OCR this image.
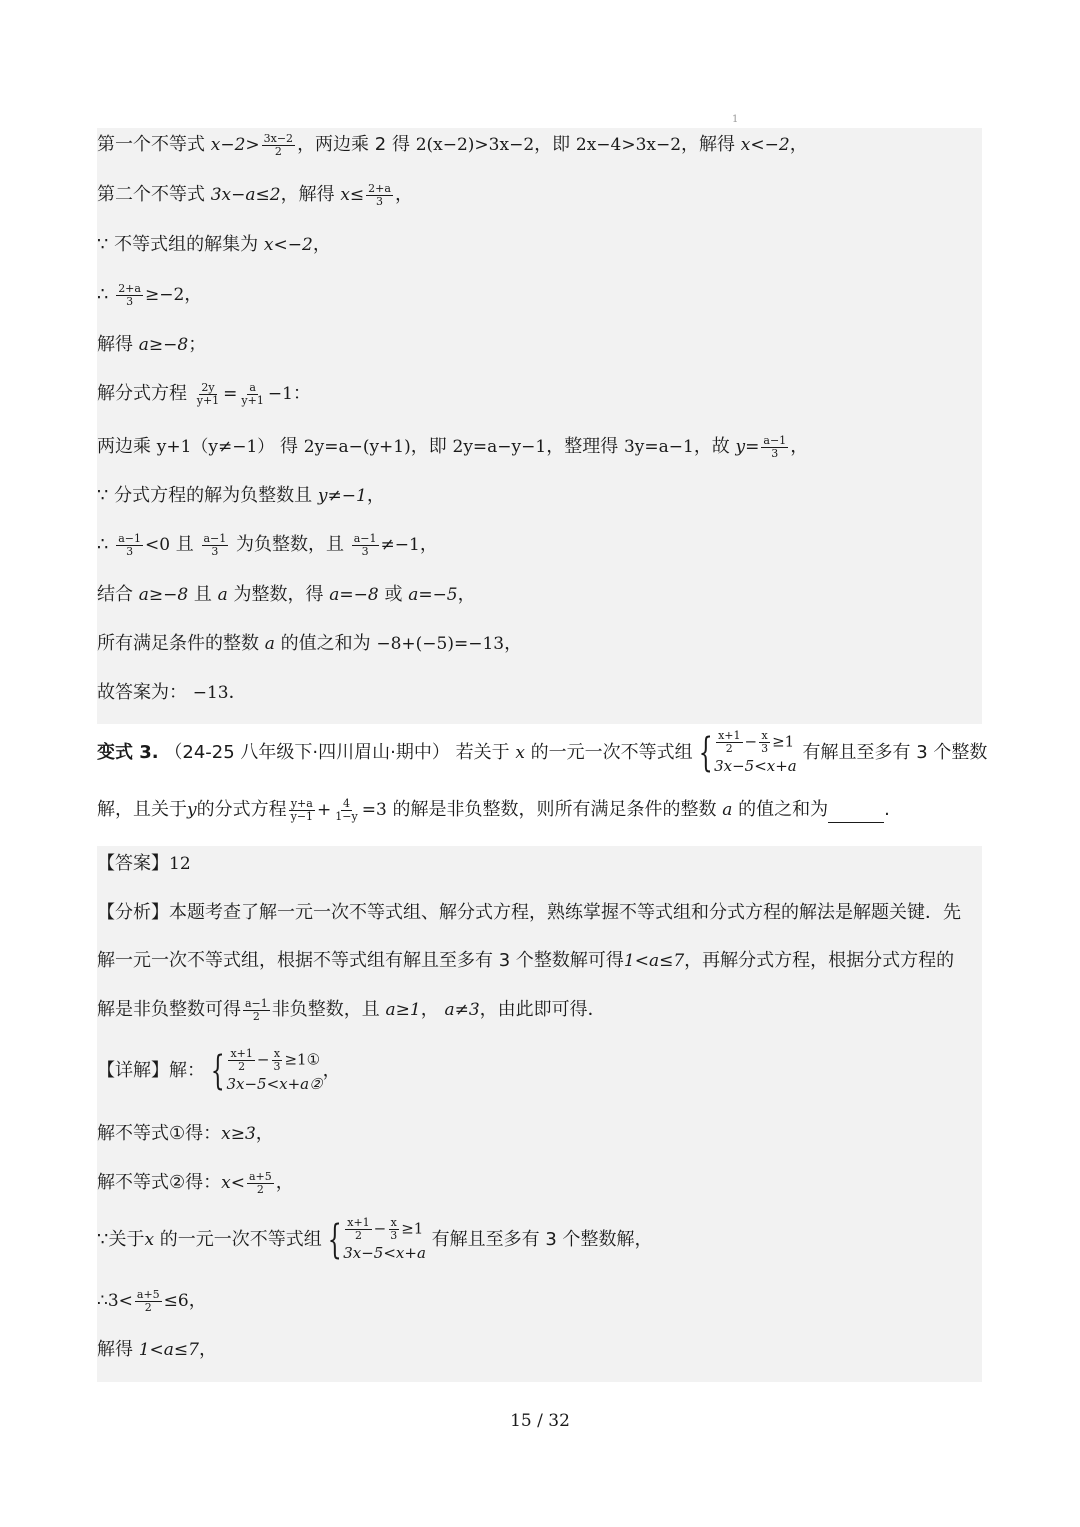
1
第一个不等式 $x-2> \frac{3x-2}{2}$ ，两边乘 2 得 2(x−2)>3x−2，即 2x−4>3x−2，解得 x<−2，
第二个不等式 3x−a≤2，解得 $x\le \frac{2+a}{3}$ ，
∵ 不等式组的解集为 x<−2，
∴ $\frac{2+a}{3} \ge-2$，
解得 a≥−8；
解分式方程 $\frac{2y}{y+1} = \frac{a}{y+1} -1$：
两边乘 y+1（y≠−1） 得 2y=a−(y+1)，即 2y=a−y−1，整理得 3y=a−1，故 $y= \frac{a-1}{3}$ ，
∵ 分式方程的解为负整数且 y≠−1，
∴ $\frac{a-1}{3} <0$ 且 $\frac{a-1}{3}$ 为负整数，且 $\frac{a-1}{3} \ne-1$，
结合 a≥−8 且 a 为整数，得 a=−8 或 a=−5，
所有满足条件的整数 a 的值之和为 −8+(−5)=−13，
故答案为： −13．
变式 3. （24-25 八年级下·四川眉山·期中） 若关于 x 的一元一次不等式组 { $\frac{x+1}{2} - \frac{x}{3} \ge 1$
3x−5<x+a
有解且至多有 3 个整数
解，且关于y的分式方程 $\frac{y+a}{y-1} + \frac{4}{1-y} =3$ 的解是非负整数，则所有满足条件的整数 a 的值之和为	.
【答案】12
【分析】本题考查了解一元一次不等式组、解分式方程，熟练掌握不等式组和分式方程的解法是解题关键．先
解一元一次不等式组，根据不等式组有解且至多有 3 个整数解可得1<a≤7，再解分式方程，根据分式方程的
解是非负整数可得 $\frac{a-1}{2}$ 非负整数，且 a≥1， a≠3，由此即可得．
【详解】解： { $\frac{x+1}{2} - \frac{x}{3}$ ≥1①
3x−5<x+a②
，
解不等式①得：x≥3，
解不等式②得：$x< \frac{a+5}{2}$ ，
∵关于x 的一元一次不等式组 { $\frac{x+1}{2} - \frac{x}{3} \ge 1$
3x−5<x+a
有解且至多有 3 个整数解，
∴3< $\frac{a+5}{2} \le 6$，
解得 1<a≤7，
15 / 32
